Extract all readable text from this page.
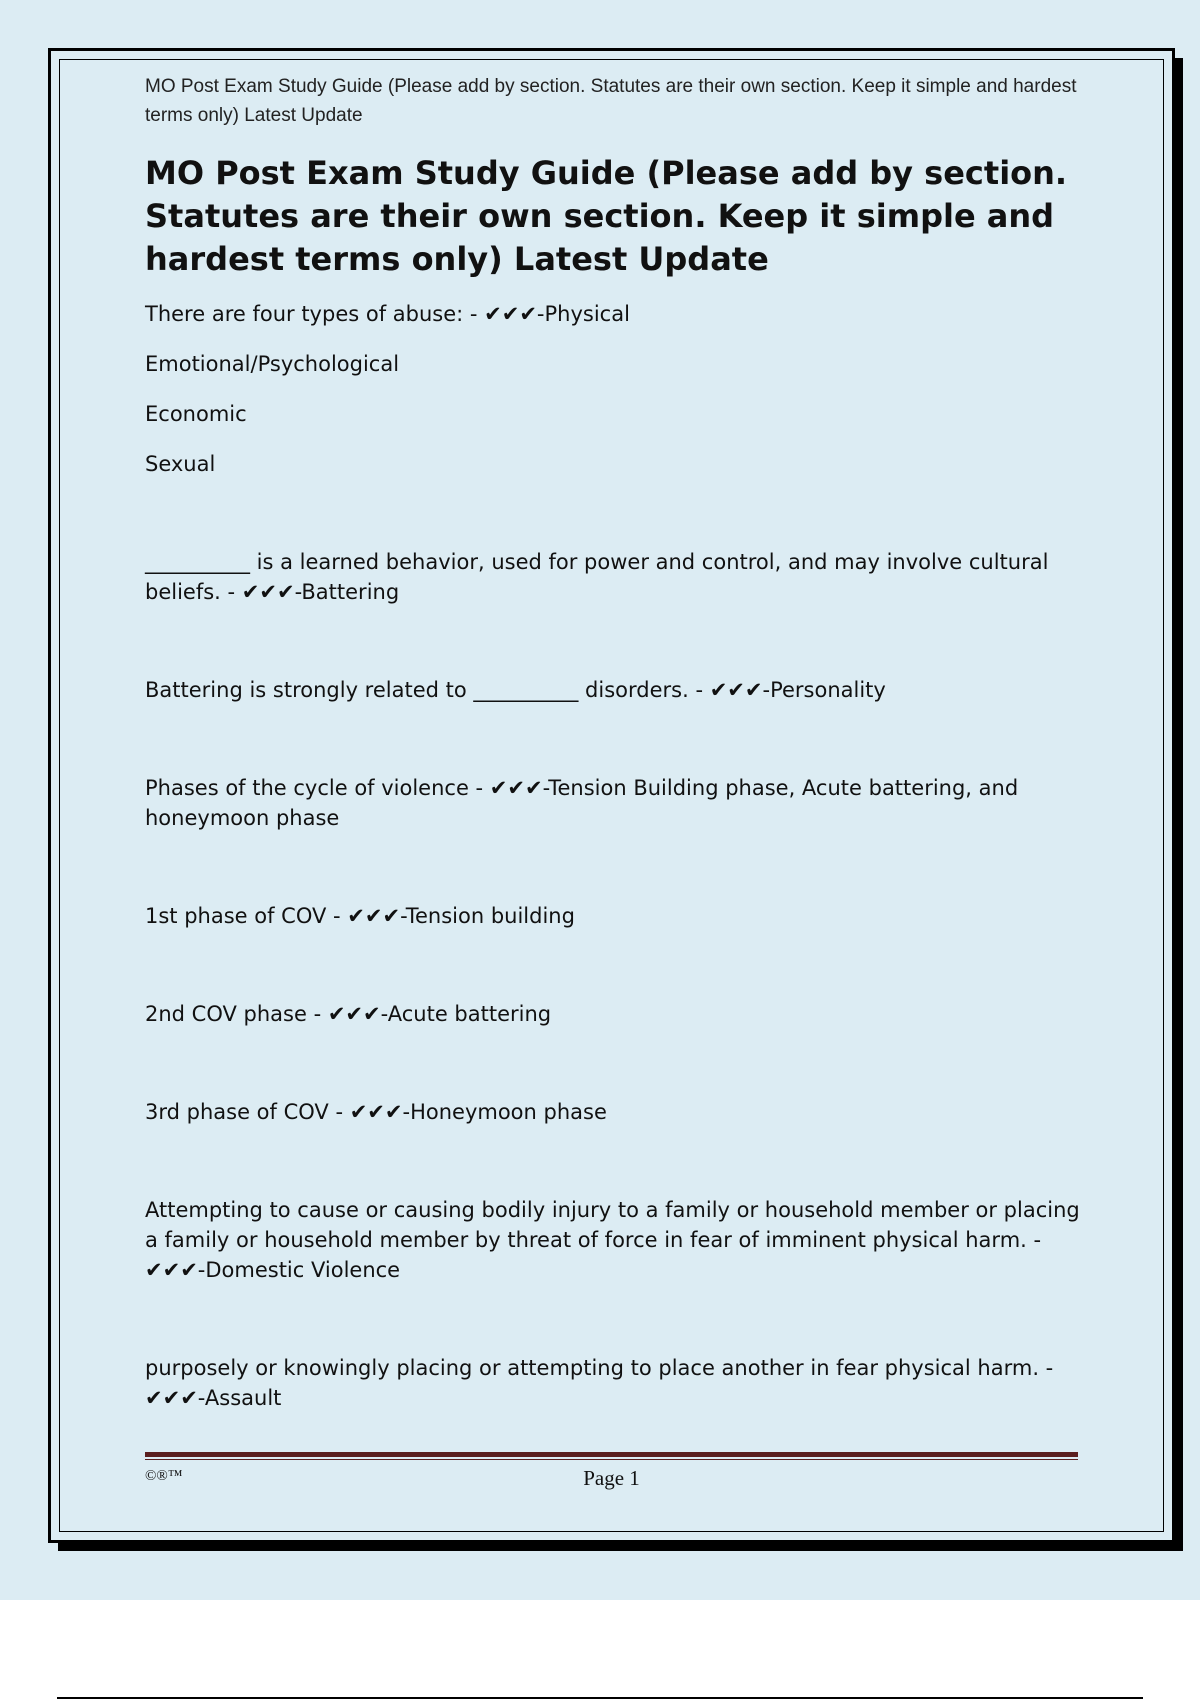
MO Post Exam Study Guide (Please add by section. Statutes are their own section. Keep it simple and hardest terms only) Latest Update

MO Post Exam Study Guide (Please add by section. Statutes are their own section. Keep it simple and hardest terms only) Latest Update

There are four types of abuse: - ✔✔✔-Physical

Emotional/Psychological

Economic

Sexual

__________ is a learned behavior, used for power and control, and may involve cultural beliefs. - ✔✔✔-Battering

Battering is strongly related to __________ disorders. - ✔✔✔-Personality

Phases of the cycle of violence - ✔✔✔-Tension Building phase, Acute battering, and honeymoon phase

1st phase of COV - ✔✔✔-Tension building

2nd COV phase - ✔✔✔-Acute battering

3rd phase of COV - ✔✔✔-Honeymoon phase

Attempting to cause or causing bodily injury to a family or household member or placing a family or household member by threat of force in fear of imminent physical harm. - ✔✔✔-Domestic Violence

purposely or knowingly placing or attempting to place another in fear physical harm. - ✔✔✔-Assault

©®™	Page 1
